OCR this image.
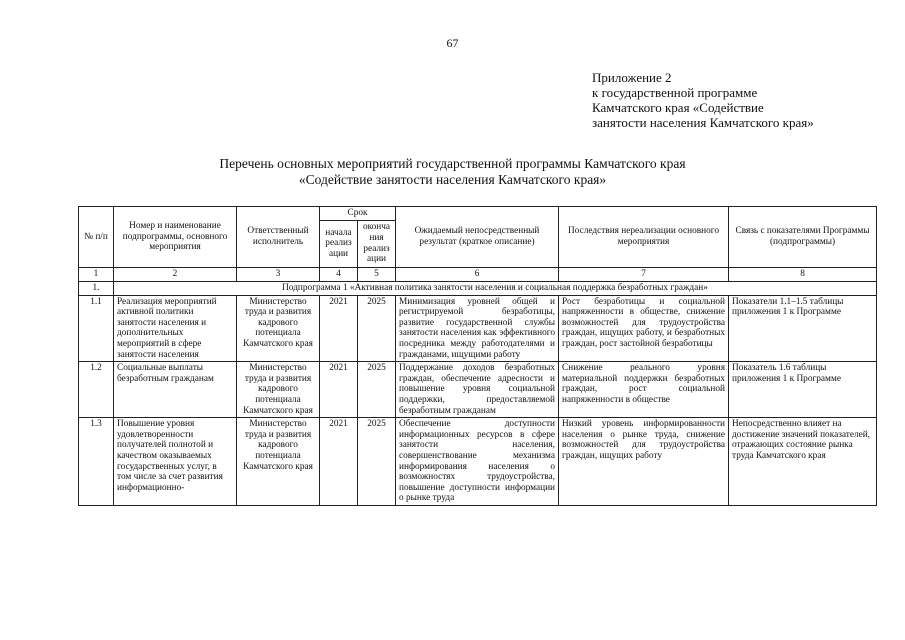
67
Приложение 2
к государственной программе
Камчатского края «Содействие
занятости населения Камчатского края»
Перечень основных мероприятий государственной программы Камчатского края
«Содействие занятости населения Камчатского края»
№ п/п	Номер и наименование подпрограммы, основного мероприятия	Ответственный исполнитель	Срок		Ожидаемый непосредственный результат (краткое описание)	Последствия нереализации основного мероприятия	Связь с показателями Программы (подпрограммы)
			начала реализ ации	оконча ния реализ ации			
1	2	3	4	5	6	7	8
1.	Подпрограмма 1 «Активная политика занятости населения и социальная поддержка безработных граждан»						
1.1	Реализация мероприятий активной политики занятости населения и дополнительных мероприятий в сфере занятости населения	Министерство труда и развития кадрового потенциала Камчатского края	2021	2025	Минимизация уровней общей и регистрируемой безработицы, развитие государственной службы занятости населения как эффективного посредника между работодателями и гражданами, ищущими работу	Рост безработицы и социальной напряженности в обществе, снижение возможностей для трудоустройства граждан, ищущих работу, и безработных граждан, рост застойной безработицы	Показатели 1.1–1.5 таблицы приложения 1 к Программе
1.2	Социальные выплаты безработным гражданам	Министерство труда и развития кадрового потенциала Камчатского края	2021	2025	Поддержание доходов безработных граждан, обеспечение адресности и повышение уровня социальной поддержки, предоставляемой безработным гражданам	Снижение реального уровня материальной поддержки безработных граждан, рост социальной напряженности в обществе	Показатель 1.6 таблицы приложения 1 к Программе
1.3	Повышение уровня удовлетворенности получателей полнотой и качеством оказываемых государственных услуг, в том числе за счет развития информационно-	Министерство труда и развития кадрового потенциала Камчатского края	2021	2025	Обеспечение доступности информационных ресурсов в сфере занятости населения, совершенствование механизма информирования населения о возможностях трудоустройства, повышение доступности информации о рынке труда	Низкий уровень информированности населения о рынке труда, снижение возможностей для трудоустройства граждан, ищущих работу	Непосредственно влияет на достижение значений показателей, отражающих состояние рынка труда Камчатского края
